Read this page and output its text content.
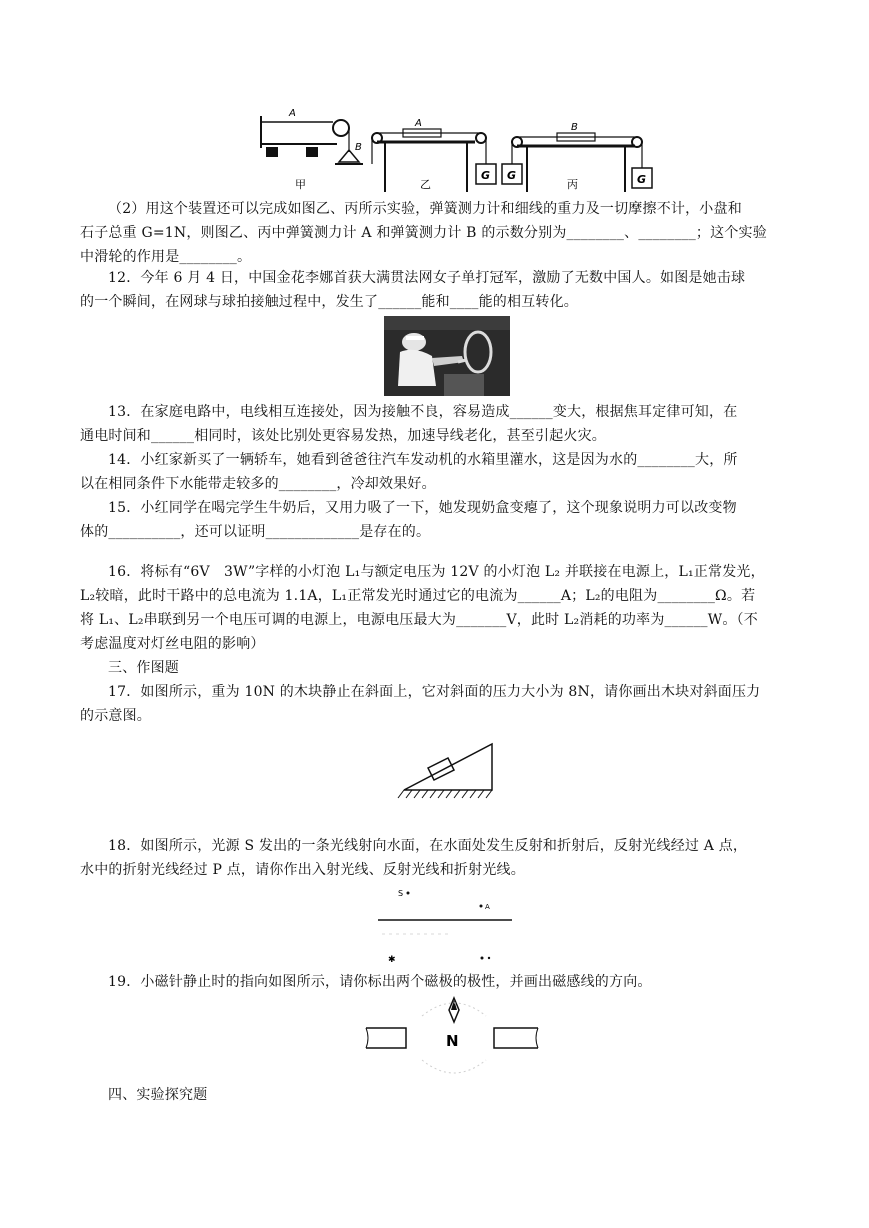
A
B
甲
A
G
乙
B
G	G
丙
（2）用这个装置还可以完成如图乙、丙所示实验，弹簧测力计和细线的重力及一切摩擦不计，小盘和
石子总重 G=1N，则图乙、丙中弹簧测力计 A 和弹簧测力计 B 的示数分别为________、________；这个实验
中滑轮的作用是________。
12．今年 6 月 4 日，中国金花李娜首获大满贯法网女子单打冠军，激励了无数中国人。如图是她击球
的一个瞬间，在网球与球拍接触过程中，发生了______能和____能的相互转化。
13．在家庭电路中，电线相互连接处，因为接触不良，容易造成______变大，根据焦耳定律可知，在
通电时间和______相同时，该处比别处更容易发热，加速导线老化，甚至引起火灾。
14．小红家新买了一辆轿车，她看到爸爸往汽车发动机的水箱里灌水，这是因为水的________大，所
以在相同条件下水能带走较多的________，冷却效果好。
15．小红同学在喝完学生牛奶后，又用力吸了一下，她发现奶盒变瘪了，这个现象说明力可以改变物
体的__________，还可以证明_____________是存在的。
16．将标有“6V　3W”字样的小灯泡 L₁与额定电压为 12V 的小灯泡 L₂ 并联接在电源上，L₁正常发光，
L₂较暗，此时干路中的总电流为 1.1A，L₁正常发光时通过它的电流为______A；L₂的电阻为________Ω。若
将 L₁、L₂串联到另一个电压可调的电源上，电源电压最大为_______V，此时 L₂消耗的功率为______W。（不
考虑温度对灯丝电阻的影响）
三、作图题
17．如图所示，重为 10N 的木块静止在斜面上，它对斜面的压力大小为 8N，请你画出木块对斜面压力
的示意图。
18．如图所示，光源 S 发出的一条光线射向水面，在水面处发生反射和折射后，反射光线经过 A 点，
水中的折射光线经过 P 点，请你作出入射光线、反射光线和折射光线。
S
A
✱
19．小磁针静止时的指向如图所示，请你标出两个磁极的极性，并画出磁感线的方向。
N
四、实验探究题
